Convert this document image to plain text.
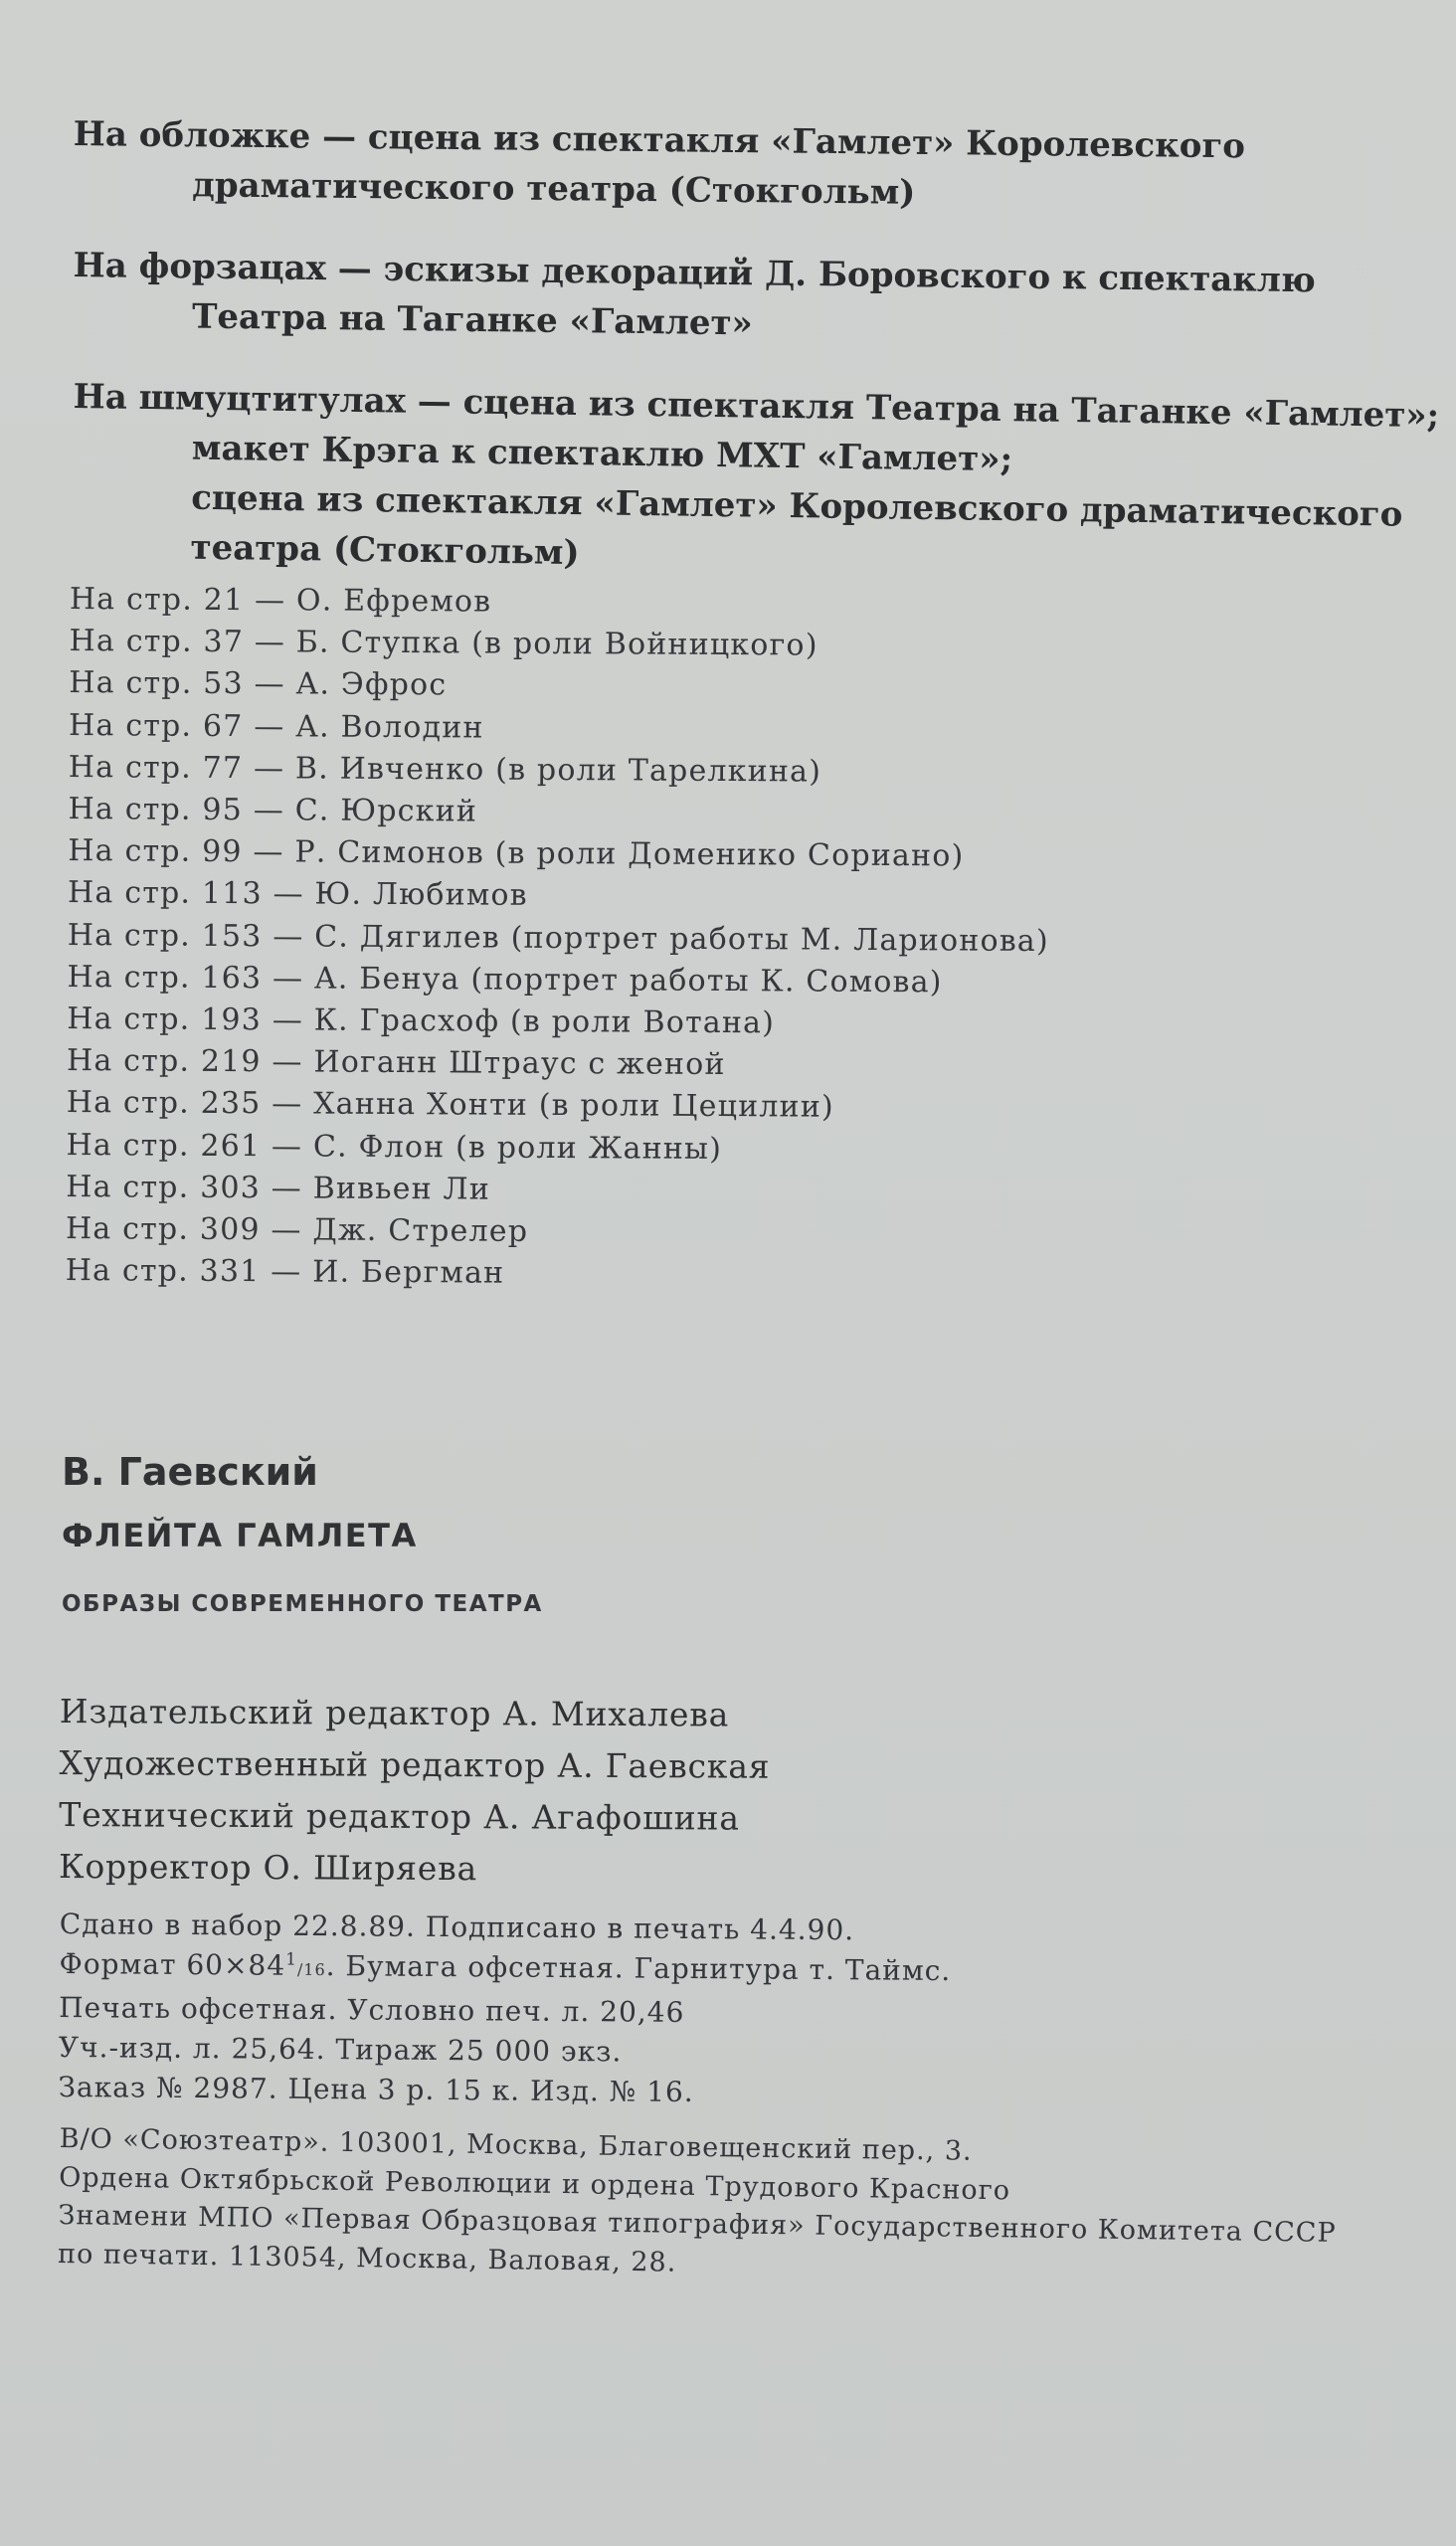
На обложке — сцена из спектакля «Гамлет» Королевского
драматического театра (Стокгольм)
На форзацах — эскизы декораций Д. Боровского к спектаклю
Театра на Таганке «Гамлет»
На шмуцтитулах — сцена из спектакля Театра на Таганке «Гамлет»;
макет Крэга к спектаклю МХТ «Гамлет»;
сцена из спектакля «Гамлет» Королевского драматического
театра (Стокгольм)
На стр. 21 — О. Ефремов
На стр. 37 — Б. Ступка (в роли Войницкого)
На стр. 53 — А. Эфрос
На стр. 67 — А. Володин
На стр. 77 — В. Ивченко (в роли Тарелкина)
На стр. 95 — С. Юрский
На стр. 99 — Р. Симонов (в роли Доменико Сориано)
На стр. 113 — Ю. Любимов
На стр. 153 — С. Дягилев (портрет работы М. Ларионова)
На стр. 163 — А. Бенуа (портрет работы К. Сомова)
На стр. 193 — К. Грасхоф (в роли Вотана)
На стр. 219 — Иоганн Штраус с женой
На стр. 235 — Ханна Хонти (в роли Цецилии)
На стр. 261 — С. Флон (в роли Жанны)
На стр. 303 — Вивьен Ли
На стр. 309 — Дж. Стрелер
На стр. 331 — И. Бергман
В. Гаевский
ФЛЕЙТА ГАМЛЕТА
ОБРАЗЫ СОВРЕМЕННОГО ТЕАТРА
Издательский редактор А. Михалева
Художественный редактор А. Гаевская
Технический редактор А. Агафошина
Корректор О. Ширяева
Сдано в набор 22.8.89. Подписано в печать 4.4.90.
Формат $60\times 84^1/16$. Бумага офсетная. Гарнитура т. Таймс.
Печать офсетная. Условно печ. л. 20,46
Уч.-изд. л. 25,64. Тираж 25 000 экз.
Заказ № 2987. Цена 3 р. 15 к. Изд. № 16.
В/О «Союзтеатр». 103001, Москва, Благовещенский пер., 3.
Ордена Октябрьской Революции и ордена Трудового Красного
Знамени МПО «Первая Образцовая типография» Государственного Комитета СССР
по печати. 113054, Москва, Валовая, 28.
